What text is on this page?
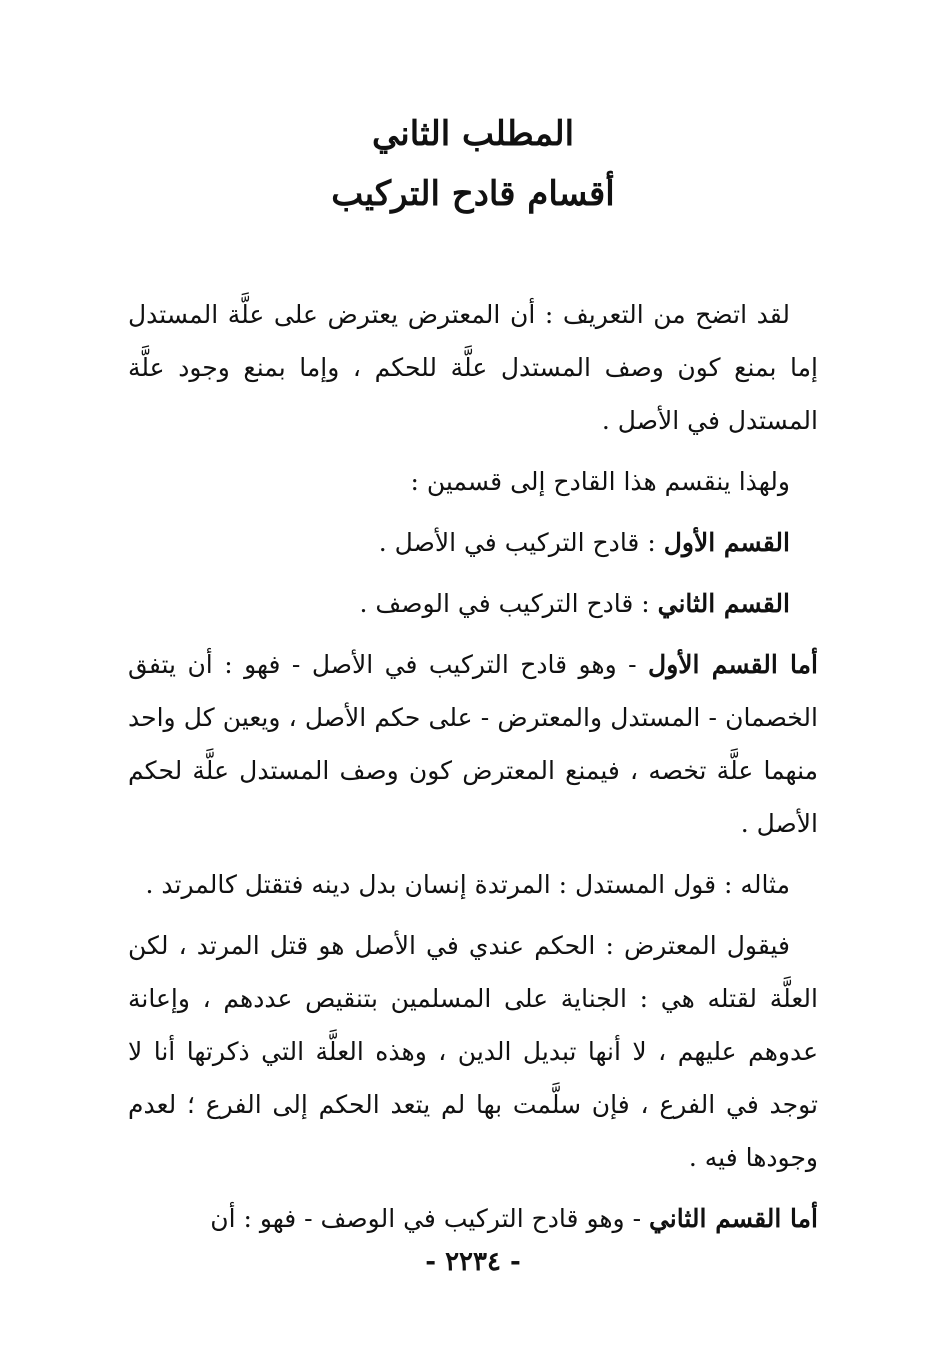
المطلب الثاني
أقسام قادح التركيب

لقد اتضح من التعريف : أن المعترض يعترض على علَّة المستدل إما بمنع كون وصف المستدل علَّة للحكم ، وإما بمنع وجود علَّة المستدل في الأصل .

ولهذا ينقسم هذا القادح إلى قسمين :

القسم الأول : قادح التركيب في الأصل .

القسم الثاني : قادح التركيب في الوصف .

أما القسم الأول - وهو قادح التركيب في الأصل - فهو : أن يتفق الخصمان - المستدل والمعترض - على حكم الأصل ، ويعين كل واحد منهما علَّة تخصه ، فيمنع المعترض كون وصف المستدل علَّة لحكم الأصل .

مثاله : قول المستدل : المرتدة إنسان بدل دينه فتقتل كالمرتد .

فيقول المعترض : الحكم عندي في الأصل هو قتل المرتد ، لكن العلَّة لقتله هي : الجناية على المسلمين بتنقيص عددهم ، وإعانة عدوهم عليهم ، لا أنها تبديل الدين ، وهذه العلَّة التي ذكرتها أنا لا توجد في الفرع ، فإن سلَّمت بها لم يتعد الحكم إلى الفرع ؛ لعدم وجودها فيه .

أما القسم الثاني - وهو قادح التركيب في الوصف - فهو : أن

- ٢٢٣٤ -
